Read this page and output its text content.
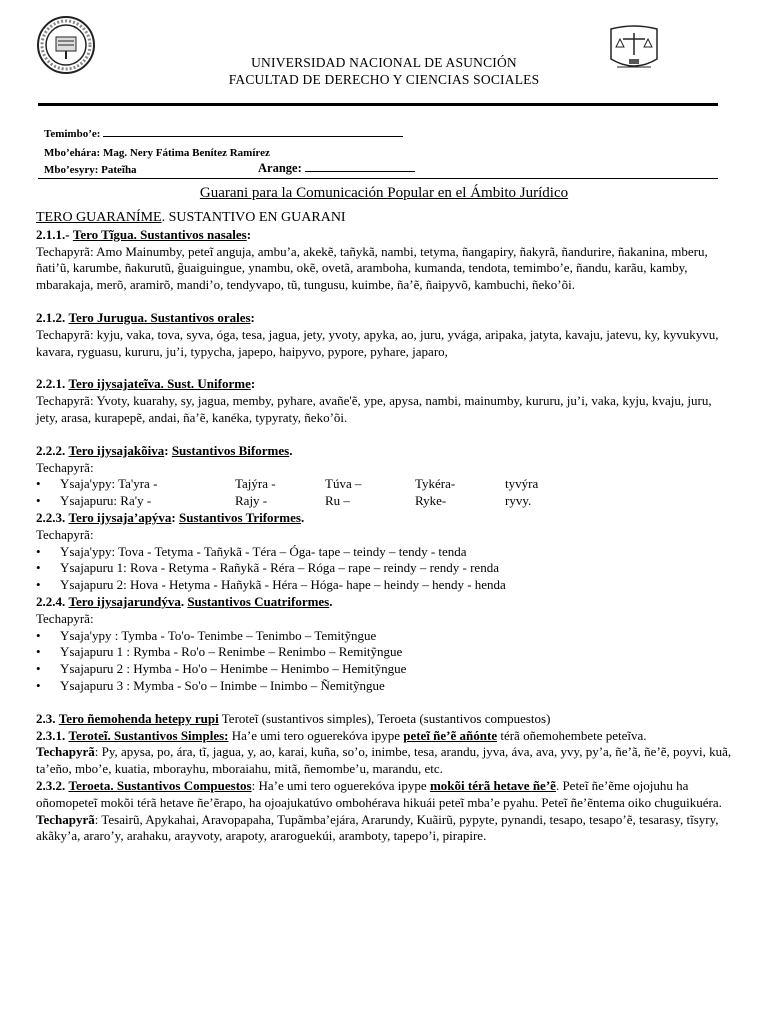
UNIVERSIDAD NACIONAL DE ASUNCIÓN
FACULTAD DE DERECHO Y CIENCIAS SOCIALES
Temimbo’e:
Mbo’ehára: Mag. Nery Fátima Benítez Ramírez
Mbo’esyry: Pateĩha	Arange:
Guarani para la Comunicación Popular en el Ámbito Jurídico

TERO GUARANÍME. SUSTANTIVO EN GUARANI

2.1.1.- Tero Tĩgua. Sustantivos nasales:

Techapyrã: Amo Mainumby, peteĩ anguja, ambu’a, akekẽ, tañykã, nambi, tetyma, ñangapiry, ñakyrã, ñandurire, ñakanina, mberu, ñati’ũ, karumbe, ñakurutũ, g̃uaiguingue, ynambu, okẽ, ovetã, aramboha, kumanda, tendota, temimbo’e, ñandu, karãu, kamby, mbarakaja, merõ, aramirõ, mandi’o, tendyvapo, tũ, tungusu, kuimbe, ña’ẽ, ñaipyvõ, kambuchi, ñeko’õi.

2.1.2. Tero Jurugua. Sustantivos orales:

Techapyrã: kyju, vaka, tova, syva, óga, tesa, jagua, jety, yvoty, apyka, ao, juru, yvága, aripaka, jatyta, kavaju, jatevu, ky, kyvukyvu, kavara, ryguasu, kururu, ju’i, typycha, japepo, haipyvo, pypore, pyhare, japaro,

2.2.1. Tero ijysajateĩva. Sust. Uniforme:

Techapyrã: Yvoty, kuarahy, sy, jagua, memby, pyhare, avañe'ẽ, ype, apysa, nambi, mainumby, kururu, ju’i, vaka, kyju, kvaju, juru, jety, arasa, kurapepẽ, andai, ña’ẽ, kanéka, typyraty, ñeko’õi.

2.2.2. Tero ijysajakõiva: Sustantivos Biformes.

Techapyrã:

• Ysaja'ypy: Ta'yra -	Tajýra -	Túva –	Tykéra-	tyvýra
• Ysajapuru: Ra'y -	Rajy -	Ru –	Ryke-	ryvy.

2.2.3. Tero ijysaja’apýva: Sustantivos Triformes.

Techapyrã:

• Ysaja'ypy: Tova - Tetyma - Tañykã - Téra – Óga- tape – teindy – tendy - tenda
• Ysajapuru 1: Rova - Retyma - Rañykã - Réra – Róga – rape – reindy – rendy - renda
• Ysajapuru 2: Hova - Hetyma - Hañykã - Héra – Hóga- hape – heindy – hendy - henda

2.2.4. Tero ijysajarundýva. Sustantivos Cuatriformes.

Techapyrã:

• Ysaja'ypy : Tymba - To'o- Tenimbe – Tenimbo – Temitỹngue
• Ysajapuru 1 : Rymba - Ro'o – Renimbe – Renimbo – Remitỹngue
• Ysajapuru 2 : Hymba - Ho'o – Henimbe – Henimbo – Hemitỹngue
• Ysajapuru 3 : Mymba - So'o – Inimbe – Inimbo – Ñemitỹngue

2.3. Tero ñemohenda hetepy rupi Teroteĩ (sustantivos simples), Teroeta (sustantivos compuestos)

2.3.1. Teroteĩ. Sustantivos Simples: Ha’e umi tero oguerekóva ipype peteĩ ñe’ẽ añónte térã oñemohembete peteĩva.

Techapyrã: Py, apysa, po, ára, tĩ, jagua, y, ao, karai, kuña, so’o, inimbe, tesa, arandu, jyva, áva, ava, yvy, py’a, ñe’ã, ñe’ẽ, poyvi, kuã, ta’eño, mbo’e, kuatia, mborayhu, mboraiahu, mitã, ñemombe’u, marandu, etc.

2.3.2. Teroeta. Sustantivos Compuestos: Ha’e umi tero oguerekóva ipype mokõi térã hetave ñe’ẽ. Peteĩ ñe’ẽme ojojuhu ha oñomopeteĩ mokõi térã hetave ñe’ẽrapo, ha ojoajukatúvo ombohérava hikuái peteĩ mba’e pyahu. Peteĩ ñe’ẽntema oiko chuguikuéra.

Techapyrã: Tesairũ, Apykahai, Aravopapaha, Tupãmba’ejára, Ararundy, Kuãirũ, pypyte, pynandi, tesapo, tesapo’ẽ, tesarasy, tĩsyry, akãky’a, araro’y, arahaku, arayvoty, arapoty, araroguekúi, aramboty, tapepo’i, pirapire.
